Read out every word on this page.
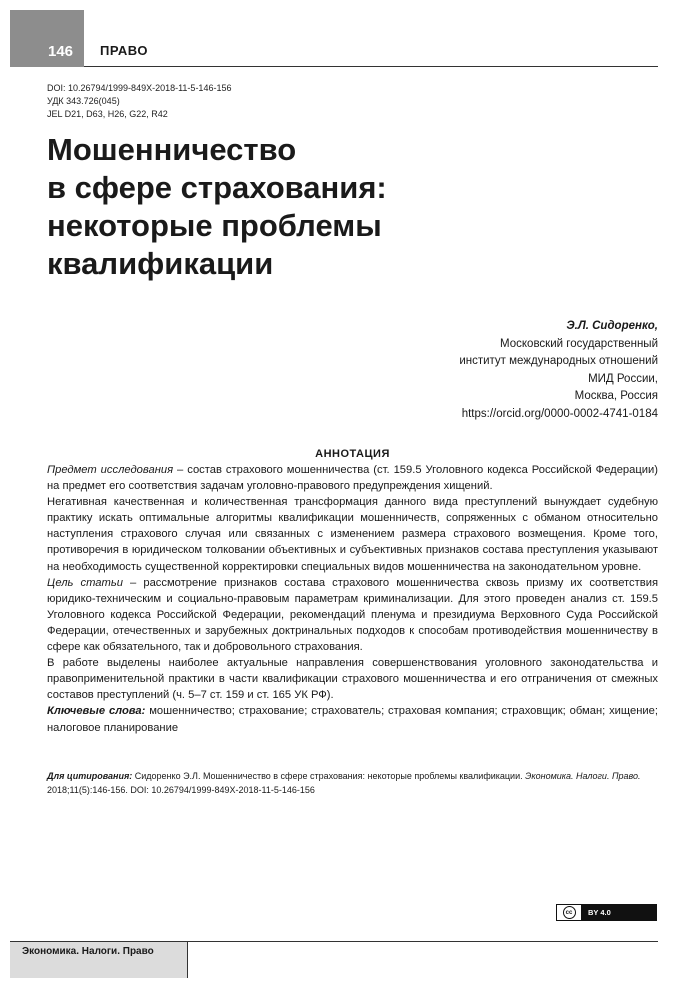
146 ПРАВО
DOI: 10.26794/1999-849X-2018-11-5-146-156
УДК 343.726(045)
JEL D21, D63, H26, G22, R42
Мошенничество
в сфере страхования:
некоторые проблемы
квалификации
Э.Л. Сидоренко,
Московский государственный
институт международных отношений
МИД России,
Москва, Россия
https://orcid.org/0000-0002-4741-0184
АННОТАЦИЯ

Предмет исследования – состав страхового мошенничества (ст. 159.5 Уголовного кодекса Российской Федерации) на предмет его соответствия задачам уголовно-правового предупреждения хищений.

Негативная качественная и количественная трансформация данного вида преступлений вынуждает судебную практику искать оптимальные алгоритмы квалификации мошенничеств, сопряженных с обманом относительно наступления страхового случая или связанных с изменением размера страхового возмещения. Кроме того, противоречия в юридическом толковании объективных и субъективных признаков состава преступления указывают на необходимость существенной корректировки специальных видов мошенничества на законодательном уровне.

Цель статьи – рассмотрение признаков состава страхового мошенничества сквозь призму их соответствия юридико-техническим и социально-правовым параметрам криминализации. Для этого проведен анализ ст. 159.5 Уголовного кодекса Российской Федерации, рекомендаций пленума и президиума Верховного Суда Российской Федерации, отечественных и зарубежных доктринальных подходов к способам противодействия мошенничеству в сфере как обязательного, так и добровольного страхования.

В работе выделены наиболее актуальные направления совершенствования уголовного законодательства и правоприменительной практики в части квалификации страхового мошенничества и его отграничения от смежных составов преступлений (ч. 5–7 ст. 159 и ст. 165 УК РФ).

Ключевые слова: мошенничество; страхование; страхователь; страховая компания; страховщик; обман; хищение; налоговое планирование

Для цитирования: Сидоренко Э.Л. Мошенничество в сфере страхования: некоторые проблемы квалификации. Экономика. Налоги. Право. 2018;11(5):146-156. DOI: 10.26794/1999-849X-2018-11-5-146-156
cc	BY 4.0
Экономика. Налоги. Право
